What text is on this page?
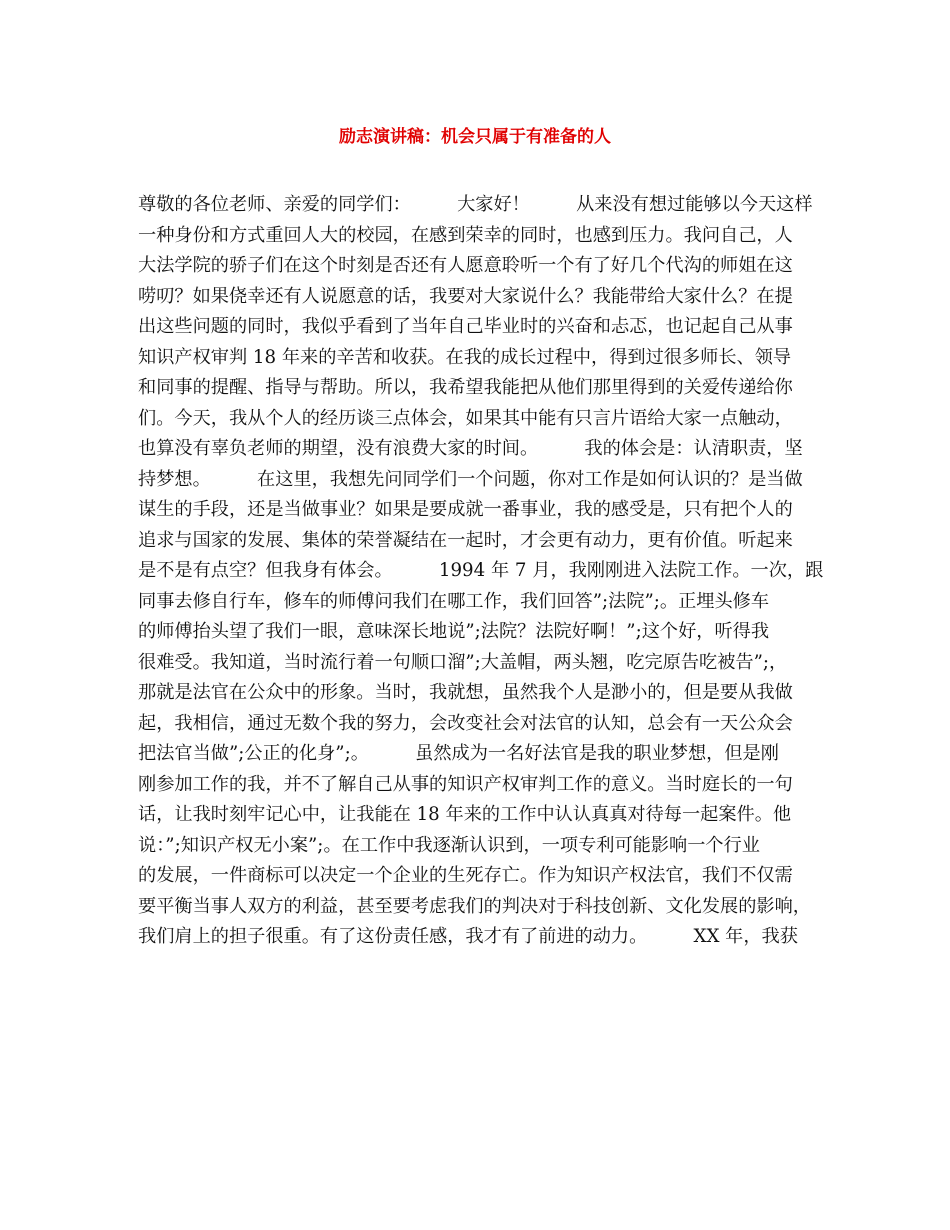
励志演讲稿：机会只属于有准备的人
尊敬的各位老师、亲爱的同学们：        大家好！        从来没有想过能够以今天这样
一种身份和方式重回人大的校园，在感到荣幸的同时，也感到压力。我问自己，人
大法学院的骄子们在这个时刻是否还有人愿意聆听一个有了好几个代沟的师姐在这
唠叨？如果侥幸还有人说愿意的话，我要对大家说什么？我能带给大家什么？在提
出这些问题的同时，我似乎看到了当年自己毕业时的兴奋和忐忑，也记起自己从事
知识产权审判 18 年来的辛苦和收获。在我的成长过程中，得到过很多师长、领导
和同事的提醒、指导与帮助。所以，我希望我能把从他们那里得到的关爱传递给你
们。今天，我从个人的经历谈三点体会，如果其中能有只言片语给大家一点触动，
也算没有辜负老师的期望，没有浪费大家的时间。        我的体会是：认清职责，坚
持梦想。        在这里，我想先问同学们一个问题，你对工作是如何认识的？是当做
谋生的手段，还是当做事业？如果是要成就一番事业，我的感受是，只有把个人的
追求与国家的发展、集体的荣誉凝结在一起时，才会更有动力，更有价值。听起来
是不是有点空？但我身有体会。        1994 年 7 月，我刚刚进入法院工作。一次，跟
同事去修自行车，修车的师傅问我们在哪工作，我们回答”;法院”;。正埋头修车
的师傅抬头望了我们一眼，意味深长地说”;法院？法院好啊！”;这个好，听得我
很难受。我知道，当时流行着一句顺口溜”;大盖帽，两头翘，吃完原告吃被告”;，
那就是法官在公众中的形象。当时，我就想，虽然我个人是渺小的，但是要从我做
起，我相信，通过无数个我的努力，会改变社会对法官的认知，总会有一天公众会
把法官当做”;公正的化身”;。        虽然成为一名好法官是我的职业梦想，但是刚
刚参加工作的我，并不了解自己从事的知识产权审判工作的意义。当时庭长的一句
话，让我时刻牢记心中，让我能在 18 年来的工作中认认真真对待每一起案件。他
说：”;知识产权无小案”;。在工作中我逐渐认识到，一项专利可能影响一个行业
的发展，一件商标可以决定一个企业的生死存亡。作为知识产权法官，我们不仅需
要平衡当事人双方的利益，甚至要考虑我们的判决对于科技创新、文化发展的影响，
我们肩上的担子很重。有了这份责任感，我才有了前进的动力。        XX 年，我获
